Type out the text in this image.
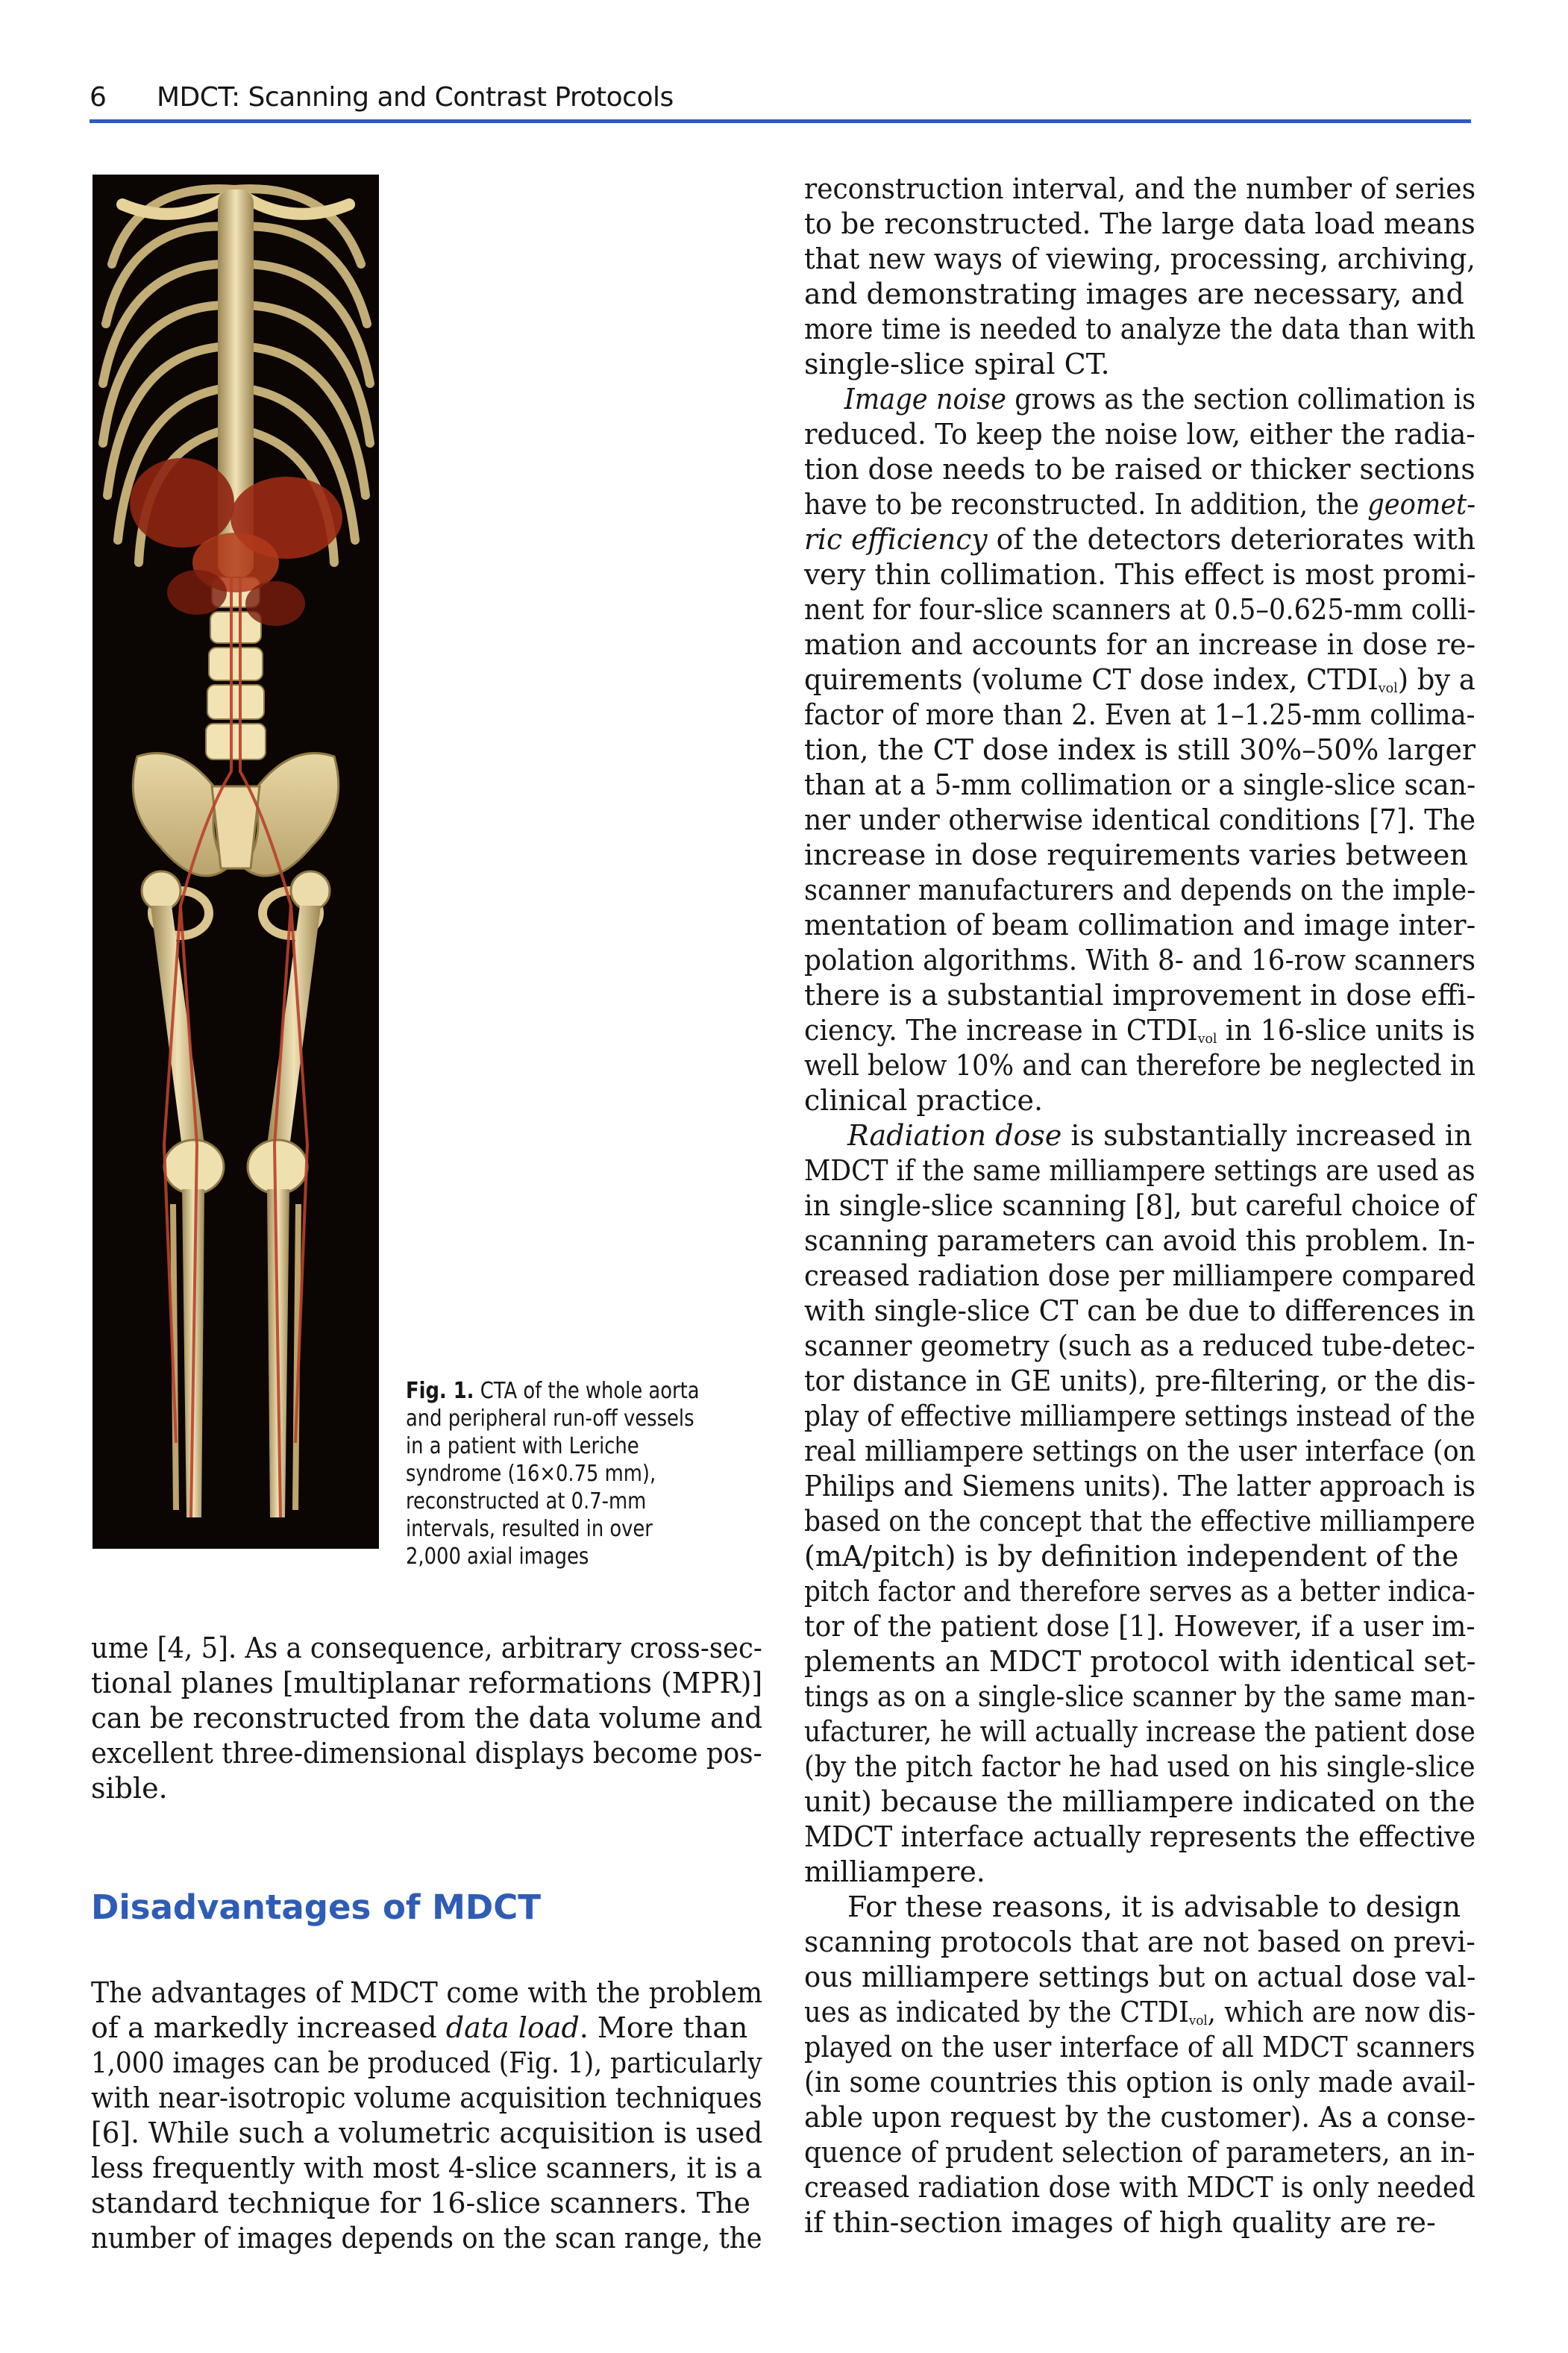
6 MDCT: Scanning and Contrast Protocols
Fig. 1. CTA of the whole aorta and peripheral run-off vessels in a patient with Leriche syndrome (16×0.75 mm), reconstructed at 0.7-mm intervals, resulted in over 2,000 axial images
ume [4, 5]. As a consequence, arbitrary cross-sec-
tional planes [multiplanar reformations (MPR)]
can be reconstructed from the data volume and
excellent three-dimensional displays become pos-
sible.
Disadvantages of MDCT
The advantages of MDCT come with the problem
of a markedly increased data load. More than
1,000 images can be produced (Fig. 1), particularly
with near-isotropic volume acquisition techniques
[6]. While such a volumetric acquisition is used
less frequently with most 4-slice scanners, it is a
standard technique for 16-slice scanners. The
number of images depends on the scan range, the
reconstruction interval, and the number of series
to be reconstructed. The large data load means
that new ways of viewing, processing, archiving,
and demonstrating images are necessary, and
more time is needed to analyze the data than with
single-slice spiral CT.
Image noise grows as the section collimation is
reduced. To keep the noise low, either the radia-
tion dose needs to be raised or thicker sections
have to be reconstructed. In addition, the geomet-
ric efficiency of the detectors deteriorates with
very thin collimation. This effect is most promi-
nent for four-slice scanners at 0.5–0.625-mm colli-
mation and accounts for an increase in dose re-
quirements (volume CT dose index, $CTDI_{vol}$) by a
factor of more than 2. Even at 1–1.25-mm collima-
tion, the CT dose index is still 30%–50% larger
than at a 5-mm collimation or a single-slice scan-
ner under otherwise identical conditions [7]. The
increase in dose requirements varies between
scanner manufacturers and depends on the imple-
mentation of beam collimation and image inter-
polation algorithms. With 8- and 16-row scanners
there is a substantial improvement in dose effi-
ciency. The increase in $CTDI_{vol}$ in 16-slice units is
well below 10% and can therefore be neglected in
clinical practice.
Radiation dose is substantially increased in
MDCT if the same milliampere settings are used as
in single-slice scanning [8], but careful choice of
scanning parameters can avoid this problem. In-
creased radiation dose per milliampere compared
with single-slice CT can be due to differences in
scanner geometry (such as a reduced tube-detec-
tor distance in GE units), pre-filtering, or the dis-
play of effective milliampere settings instead of the
real milliampere settings on the user interface (on
Philips and Siemens units). The latter approach is
based on the concept that the effective milliampere
(mA/pitch) is by definition independent of the
pitch factor and therefore serves as a better indica-
tor of the patient dose [1]. However, if a user im-
plements an MDCT protocol with identical set-
tings as on a single-slice scanner by the same man-
ufacturer, he will actually increase the patient dose
(by the pitch factor he had used on his single-slice
unit) because the milliampere indicated on the
MDCT interface actually represents the effective
milliampere.
For these reasons, it is advisable to design
scanning protocols that are not based on previ-
ous milliampere settings but on actual dose val-
ues as indicated by the $CTDI_{vol}$, which are now dis-
played on the user interface of all MDCT scanners
(in some countries this option is only made avail-
able upon request by the customer). As a conse-
quence of prudent selection of parameters, an in-
creased radiation dose with MDCT is only needed
if thin-section images of high quality are re-
